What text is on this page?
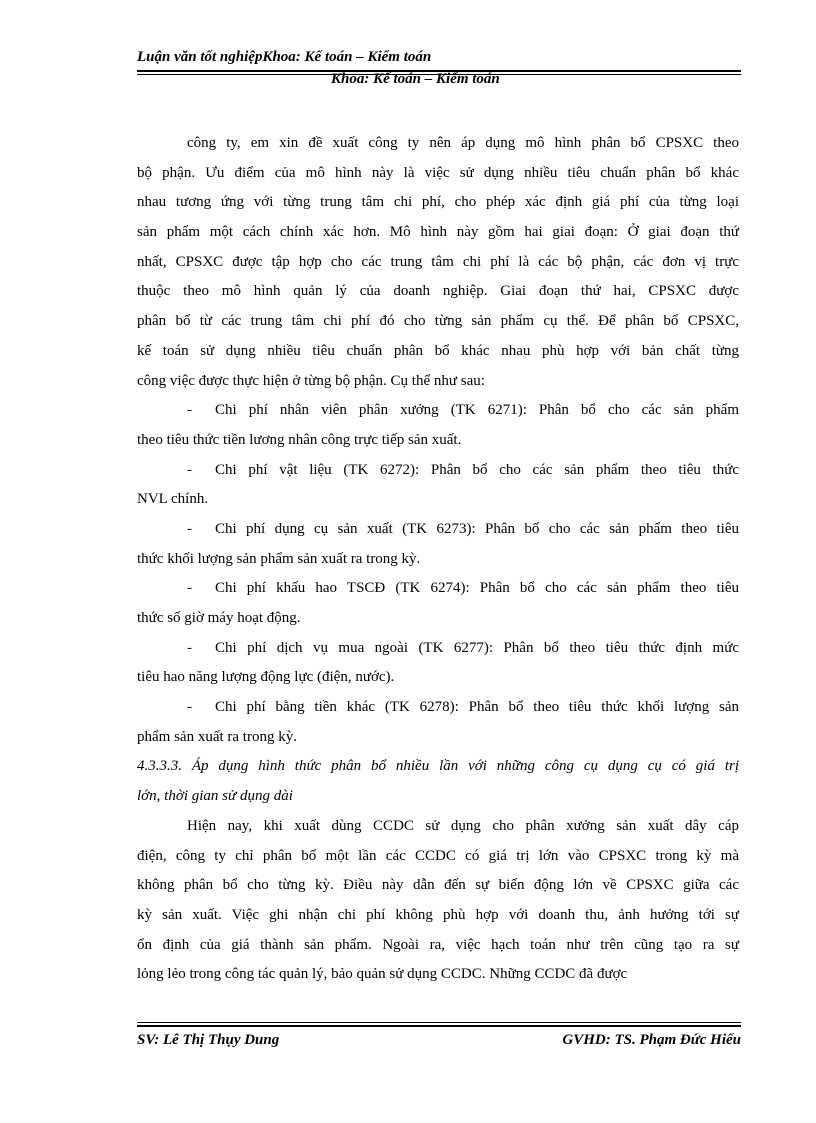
Luận văn tốt nghiệpKhoa: Kế toán – Kiểm toán
Khoa: Kế toán – Kiểm toán
công ty, em xin đề xuất công ty nên áp dụng mô hình phân bổ CPSXC theo
bộ phận. Ưu điểm của mô hình này là việc sử dụng nhiều tiêu chuẩn phân bổ khác
nhau tương ứng với từng trung tâm chi phí, cho phép xác định giá phí của từng loại
sản phẩm một cách chính xác hơn. Mô hình này gồm hai giai đoạn: Ở giai đoạn thứ
nhất, CPSXC được tập hợp cho các trung tâm chi phí là các bộ phận, các đơn vị trực
thuộc theo mô hình quản lý của doanh nghiệp. Giai đoạn thứ hai, CPSXC được
phân bổ từ các trung tâm chi phí đó cho từng sản phẩm cụ thể. Để phân bổ CPSXC,
kế toán sử dụng nhiều tiêu chuẩn phân bổ khác nhau phù hợp với bản chất từng
công việc được thực hiện ở từng bộ phận. Cụ thể như sau:
- Chi phí nhân viên phân xưởng (TK 6271): Phân bổ cho các sản phẩm
theo tiêu thức tiền lương nhân công trực tiếp sản xuất.
- Chi phí vật liệu (TK 6272): Phân bổ cho các sản phẩm theo tiêu thức
NVL chính.
- Chi phí dụng cụ sản xuất (TK 6273): Phân bổ cho các sản phẩm theo tiêu
thức khối lượng sản phẩm sản xuất ra trong kỳ.
- Chi phí khấu hao TSCĐ (TK 6274): Phân bổ cho các sản phẩm theo tiêu
thức số giờ máy hoạt động.
- Chi phí dịch vụ mua ngoài (TK 6277): Phân bổ theo tiêu thức định mức
tiêu hao năng lượng động lực (điện, nước).
- Chi phí bằng tiền khác (TK 6278): Phân bổ theo tiêu thức khối lượng sản
phẩm sản xuất ra trong kỳ.
4.3.3.3. Áp dụng hình thức phân bổ nhiều lần với những công cụ dụng cụ có giá trị
lớn, thời gian sử dụng dài
Hiện nay, khi xuất dùng CCDC sử dụng cho phân xưởng sản xuất dây cáp
điện, công ty chỉ phân bổ một lần các CCDC có giá trị lớn vào CPSXC trong kỳ mà
không phân bổ cho từng kỳ. Điều này dẫn đến sự biến động lớn về CPSXC giữa các
kỳ sản xuất. Việc ghi nhận chi phí không phù hợp với doanh thu, ảnh hưởng tới sự
ổn định của giá thành sản phẩm. Ngoài ra, việc hạch toán như trên cũng tạo ra sự
lỏng lẻo trong công tác quản lý, bảo quản sử dụng CCDC. Những CCDC đã được
SV: Lê Thị Thụy Dung	GVHD: TS. Phạm Đức Hiếu
